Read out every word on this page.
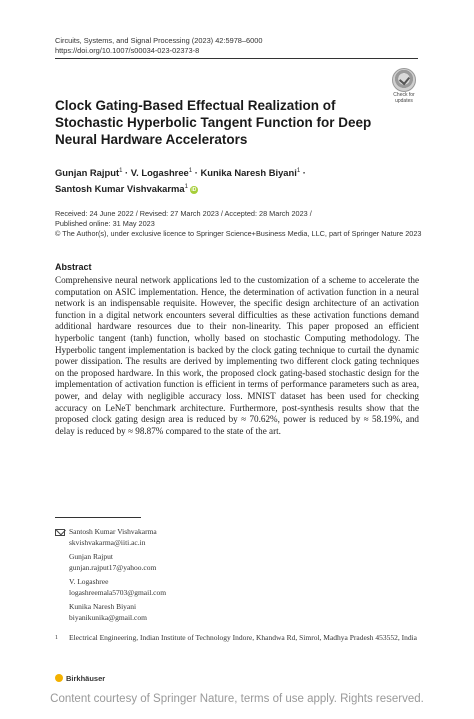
Circuits, Systems, and Signal Processing (2023) 42:5978–6000
https://doi.org/10.1007/s00034-023-02373-8
Check for
updates
Clock Gating-Based Effectual Realization of Stochastic Hyperbolic Tangent Function for Deep Neural Hardware Accelerators
Gunjan Rajput$^1$ · V. Logashree$^1$ · Kunika Naresh Biyani$^1$ ·
Santosh Kumar Vishvakarma$^1$iD
Received: 24 June 2022 / Revised: 27 March 2023 / Accepted: 28 March 2023 /
Published online: 31 May 2023
© The Author(s), under exclusive licence to Springer Science+Business Media, LLC, part of Springer Nature 2023
Abstract
Comprehensive neural network applications led to the customization of a scheme to accelerate the computation on ASIC implementation. Hence, the determination of activation function in a neural network is an indispensable requisite. However, the specific design architecture of an activation function in a digital network encounters several difficulties as these activation functions demand additional hardware resources due to their non-linearity. This paper proposed an efficient hyperbolic tangent (tanh) function, wholly based on stochastic Computing methodology. The Hyperbolic tangent implementation is backed by the clock gating technique to curtail the dynamic power dissipation. The results are derived by implementing two different clock gating techniques on the proposed hardware. In this work, the proposed clock gating-based stochastic design for the implementation of activation function is efficient in terms of performance parameters such as area, power, and delay with negligible accuracy loss. MNIST dataset has been used for checking accuracy on LeNeT benchmark architecture. Furthermore, post-synthesis results show that the proposed clock gating design area is reduced by ≈ 70.62%, power is reduced by ≈ 58.19%, and delay is reduced by ≈ 98.87% compared to the state of the art.
Santosh Kumar Vishvakarma
skvishvakarma@iiti.ac.in
Gunjan Rajput
gunjan.rajput17@yahoo.com
V. Logashree
logashreemala5703@gmail.com
Kunika Naresh Biyani
biyanikunika@gmail.com
1 Electrical Engineering, Indian Institute of Technology Indore, Khandwa Rd, Simrol, Madhya Pradesh 453552, India
Birkhäuser
Content courtesy of Springer Nature, terms of use apply. Rights reserved.
